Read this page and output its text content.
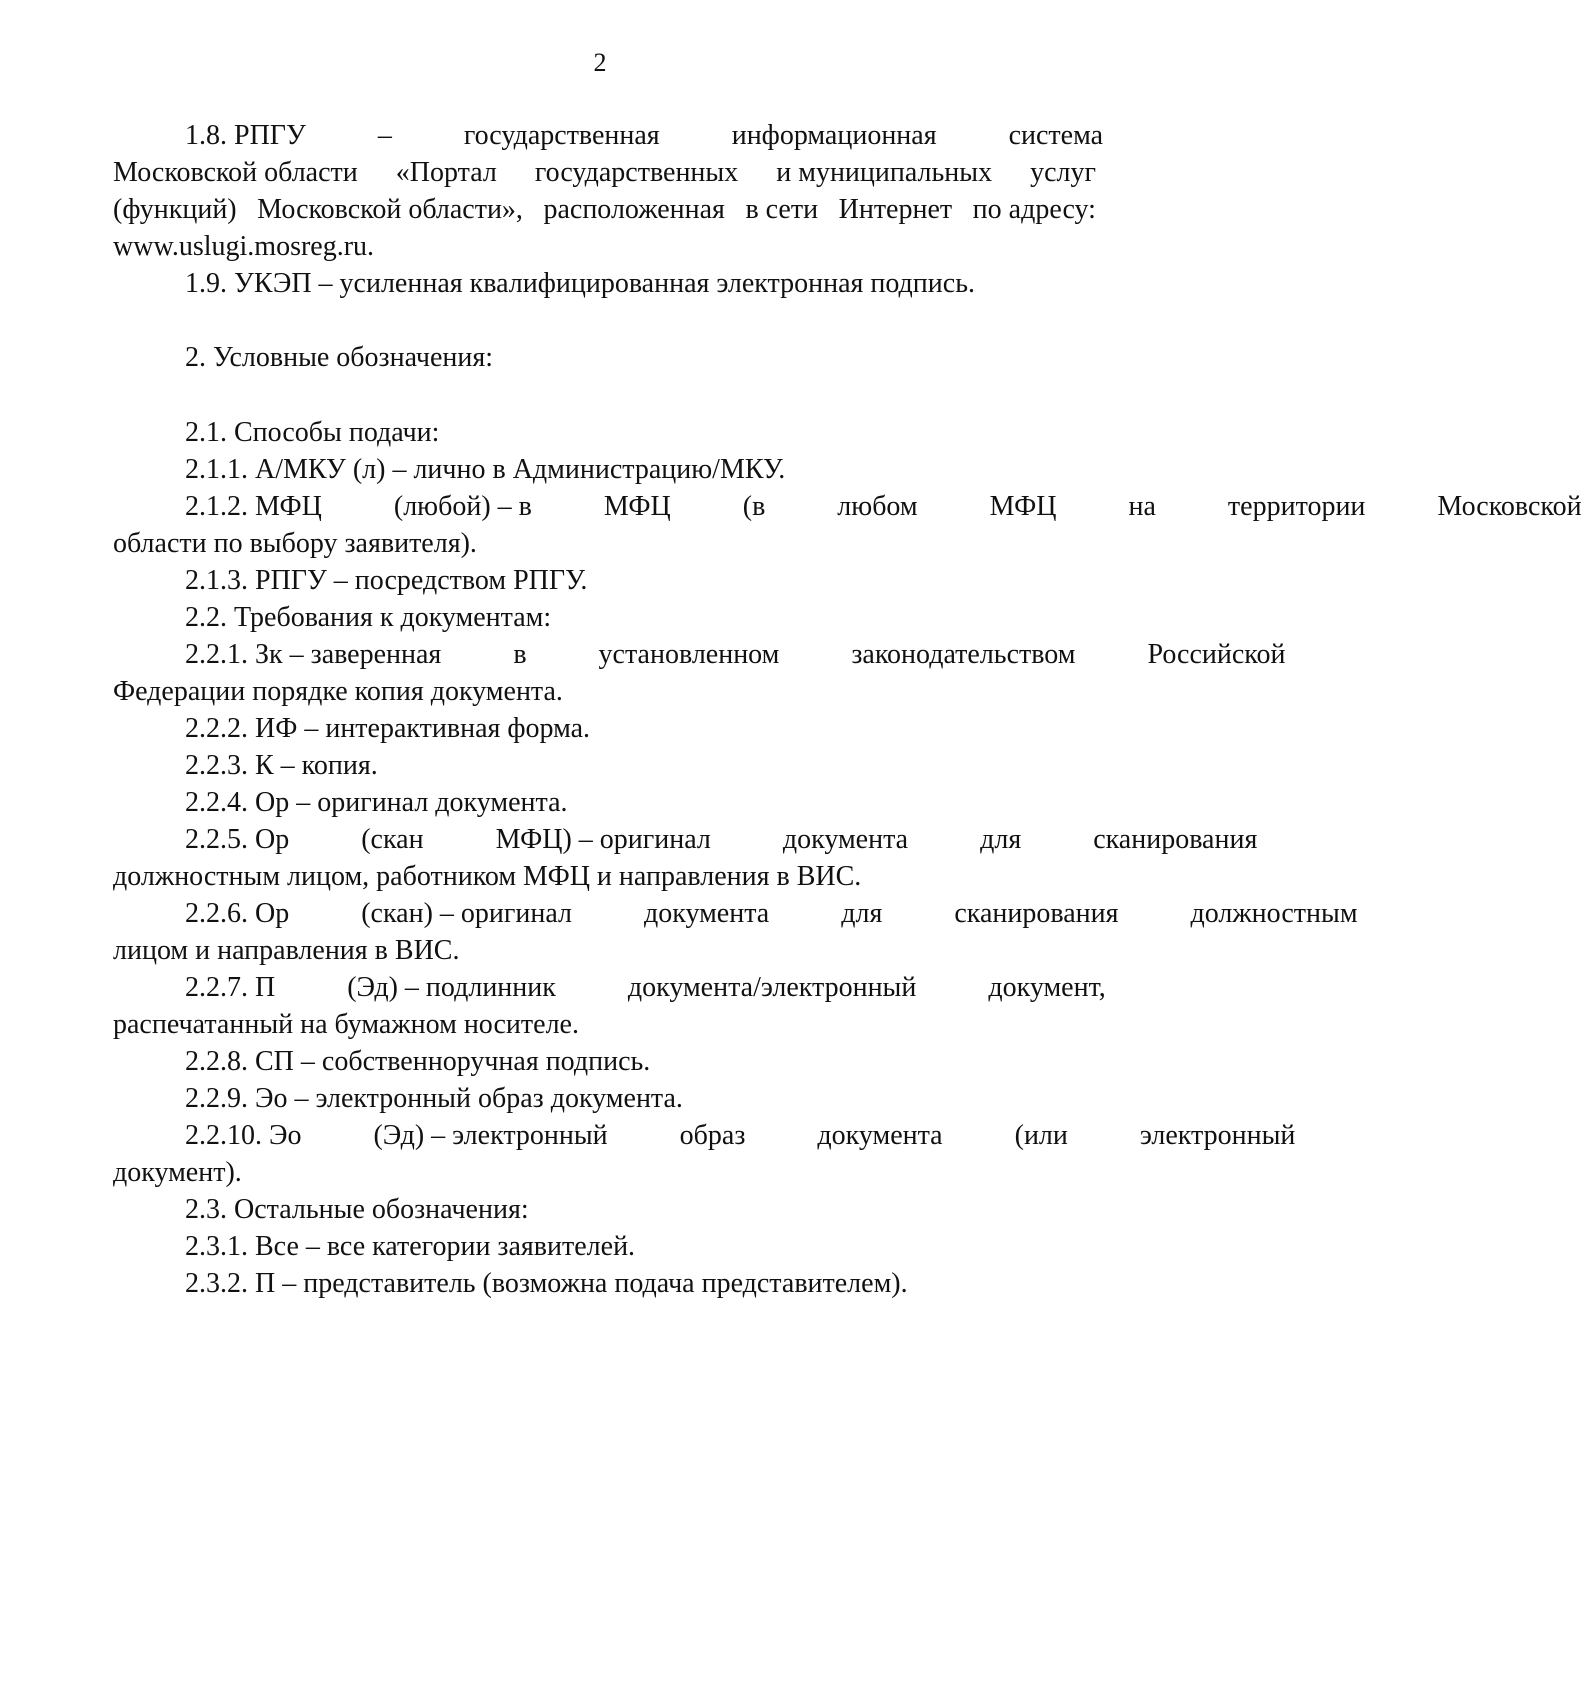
2

1.8. РПГУ	–	государственная	информационная	система

Московской области «Портал государственных и муниципальных услуг

(функций) Московской области», расположенная в сети Интернет по адресу:

www.uslugi.mosreg.ru.

1.9. УКЭП – усиленная квалифицированная электронная подпись.

2. Условные обозначения:

2.1. Способы подачи:

2.1.1. А/МКУ (л) – лично в Администрацию/МКУ.

2.1.2. МФЦ	(любой) – в	МФЦ	(в	любом	МФЦ	на	территории	Московской

области по выбору заявителя).

2.1.3. РПГУ – посредством РПГУ.

2.2. Требования к документам:

2.2.1. Зк – заверенная	в	установленном	законодательством	Российской

Федерации порядке копия документа.

2.2.2. ИФ – интерактивная форма.

2.2.3. К – копия.

2.2.4. Ор – оригинал документа.

2.2.5. Ор	(скан	МФЦ) – оригинал	документа	для	сканирования

должностным лицом, работником МФЦ и направления в ВИС.

2.2.6. Ор	(скан) – оригинал	документа	для	сканирования	должностным

лицом и направления в ВИС.

2.2.7. П	(Эд) – подлинник	документа/электронный	документ,

распечатанный на бумажном носителе.

2.2.8. СП – собственноручная подпись.

2.2.9. Эо – электронный образ документа.

2.2.10. Эо	(Эд) – электронный	образ	документа	(или	электронный

документ).

2.3. Остальные обозначения:

2.3.1. Все – все категории заявителей.

2.3.2. П – представитель (возможна подача представителем).
